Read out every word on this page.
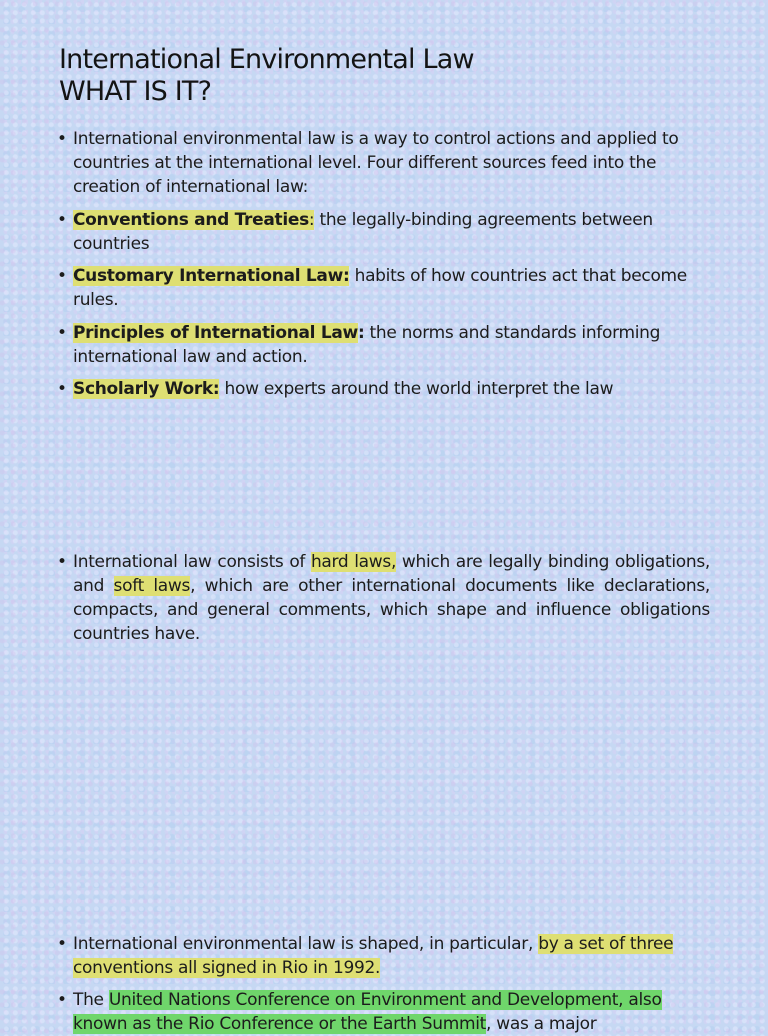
International Environmental Law
WHAT IS IT?

• International environmental law is a way to control actions and applied to countries at the international level. Four different sources feed into the creation of international law:

• Conventions and Treaties: the legally-binding agreements between countries

• Customary International Law: habits of how countries act that become rules.

• Principles of International Law: the norms and standards informing international law and action.

• Scholarly Work: how experts around the world interpret the law

• International law consists of hard laws, which are legally binding obligations, and soft laws, which are other international documents like declarations, compacts, and general comments, which shape and influence obligations countries have.

• International environmental law is shaped, in particular, by a set of three conventions all signed in Rio in 1992.

• The United Nations Conference on Environment and Development, also known as the Rio Conference or the Earth Summit, was a major
